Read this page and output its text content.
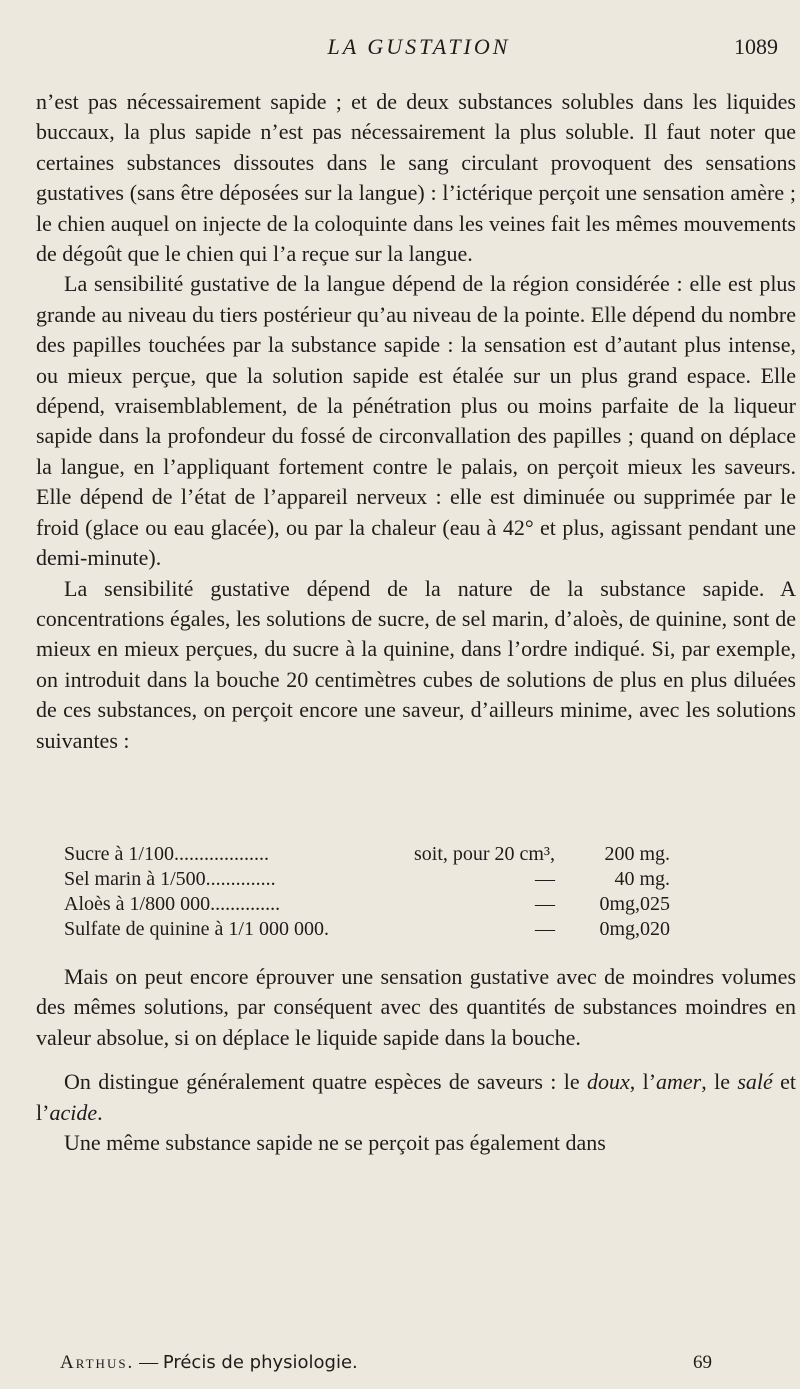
LA GUSTATION	1089

n’est pas nécessairement sapide ; et de deux substances solubles dans les liquides buccaux, la plus sapide n’est pas nécessairement la plus soluble. Il faut noter que certaines substances dissoutes dans le sang circulant provoquent des sensations gustatives (sans être déposées sur la langue) : l’ictérique perçoit une sensation amère ; le chien auquel on injecte de la coloquinte dans les veines fait les mêmes mouvements de dégoût que le chien qui l’a reçue sur la langue.

La sensibilité gustative de la langue dépend de la région considérée : elle est plus grande au niveau du tiers postérieur qu’au niveau de la pointe. Elle dépend du nombre des papilles touchées par la substance sapide : la sensation est d’autant plus intense, ou mieux perçue, que la solution sapide est étalée sur un plus grand espace. Elle dépend, vraisemblablement, de la pénétration plus ou moins parfaite de la liqueur sapide dans la profondeur du fossé de circonvallation des papilles ; quand on déplace la langue, en l’appliquant fortement contre le palais, on perçoit mieux les saveurs. Elle dépend de l’état de l’appareil nerveux : elle est diminuée ou supprimée par le froid (glace ou eau glacée), ou par la chaleur (eau à 42° et plus, agissant pendant une demi-minute).

La sensibilité gustative dépend de la nature de la substance sapide. A concentrations égales, les solutions de sucre, de sel marin, d’aloès, de quinine, sont de mieux en mieux perçues, du sucre à la quinine, dans l’ordre indiqué. Si, par exemple, on introduit dans la bouche 20 centimètres cubes de solutions de plus en plus diluées de ces substances, on perçoit encore une saveur, d’ailleurs minime, avec les solutions suivantes :

Sucre à 1/100...................	soit, pour 20 cm³,	200 mg.
Sel marin à 1/500..............	—	40 mg.
Aloès à 1/800 000..............	—	0mg,025
Sulfate de quinine à 1/1 000 000.	—	0mg,020

Mais on peut encore éprouver une sensation gustative avec de moindres volumes des mêmes solutions, par conséquent avec des quantités de substances moindres en valeur absolue, si on déplace le liquide sapide dans la bouche.

On distingue généralement quatre espèces de saveurs : le doux, l’amer, le salé et l’acide.

Une même substance sapide ne se perçoit pas également dans

Arthus. — Précis de physiologie.	69
